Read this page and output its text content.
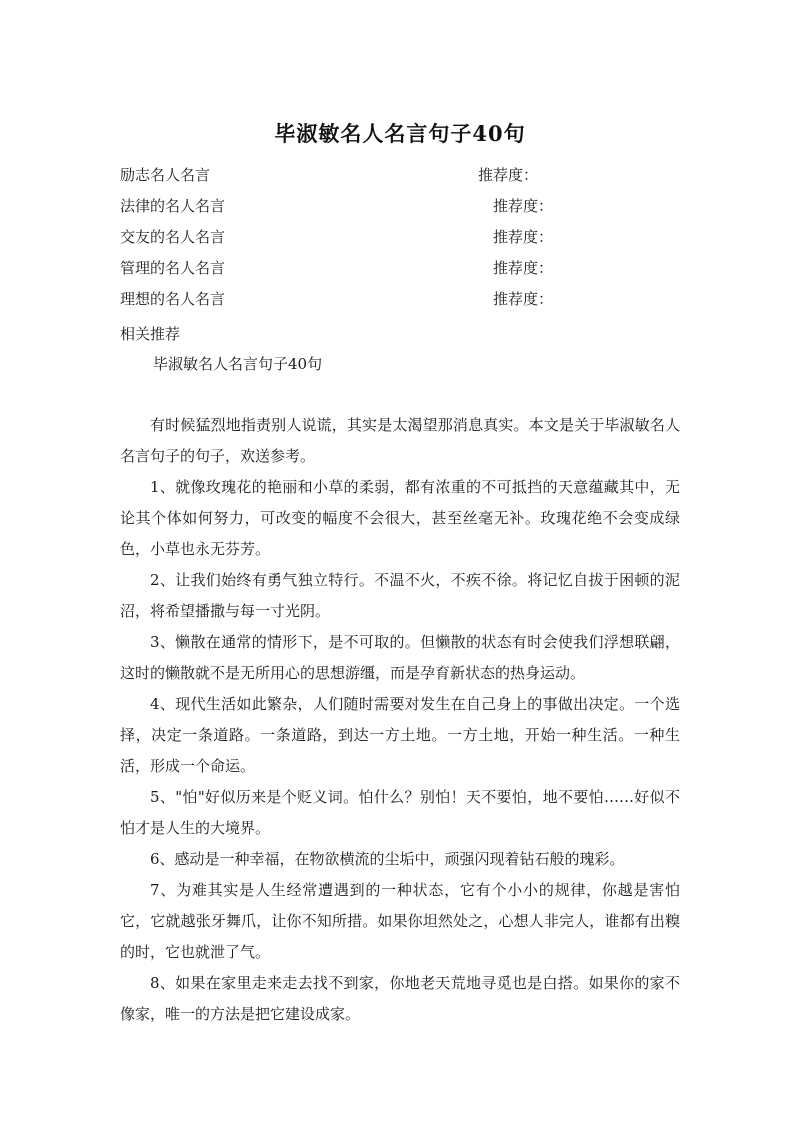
毕淑敏名人名言句子40句
励志名人名言	推荐度：
法律的名人名言	推荐度：
交友的名人名言	推荐度：
管理的名人名言	推荐度：
理想的名人名言	推荐度：
相关推荐
毕淑敏名人名言句子40句

有时候猛烈地指责别人说谎，其实是太渴望那消息真实。本文是关于毕淑敏名人名言句子的句子，欢送参考。

1、就像玫瑰花的艳丽和小草的柔弱，都有浓重的不可抵挡的天意蕴藏其中，无论其个体如何努力，可改变的幅度不会很大，甚至丝毫无补。玫瑰花绝不会变成绿色，小草也永无芬芳。

2、让我们始终有勇气独立特行。不温不火，不疾不徐。将记忆自拔于困顿的泥沼，将希望播撒与每一寸光阴。

3、懒散在通常的情形下，是不可取的。但懒散的状态有时会使我们浮想联翩，这时的懒散就不是无所用心的思想游缰，而是孕育新状态的热身运动。

4、现代生活如此繁杂，人们随时需要对发生在自己身上的事做出决定。一个选择，决定一条道路。一条道路，到达一方土地。一方土地，开始一种生活。一种生活，形成一个命运。

5、"怕"好似历来是个贬义词。怕什么？别怕！天不要怕，地不要怕……好似不怕才是人生的大境界。

6、感动是一种幸福，在物欲横流的尘垢中，顽强闪现着钻石般的瑰彩。

7、为难其实是人生经常遭遇到的一种状态，它有个小小的规律，你越是害怕它，它就越张牙舞爪，让你不知所措。如果你坦然处之，心想人非完人，谁都有出糗的时，它也就泄了气。

8、如果在家里走来走去找不到家，你地老天荒地寻觅也是白搭。如果你的家不像家，唯一的方法是把它建设成家。
